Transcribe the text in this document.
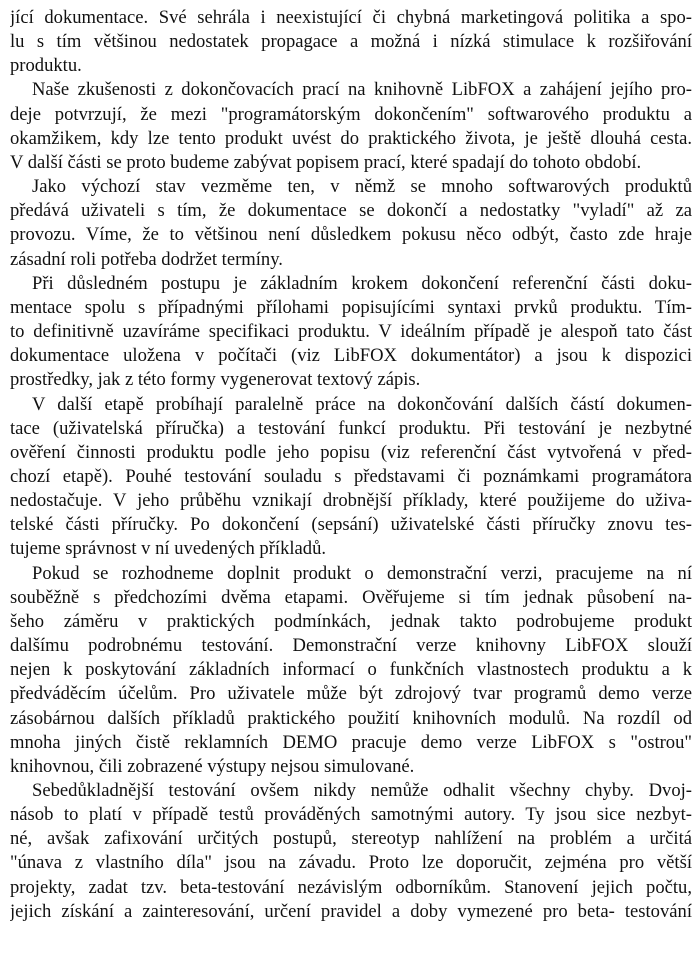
jící dokumentace. Své sehrála i neexistující či chybná marketingová politika a spo-
lu s tím většinou nedostatek propagace a možná i nízká stimulace k rozšiřování
produktu.

Naše zkušenosti z dokončovacích prací na knihovně LibFOX a zahájení jejího pro-
deje potvrzují, že mezi "programátorským dokončením" softwarového produktu a
okamžikem, kdy lze tento produkt uvést do praktického života, je ještě dlouhá cesta.
V další části se proto budeme zabývat popisem prací, které spadají do tohoto období.

Jako výchozí stav vezměme ten, v němž se mnoho softwarových produktů
předává uživateli s tím, že dokumentace se dokončí a nedostatky "vyladí" až za
provozu. Víme, že to většinou není důsledkem pokusu něco odbýt, často zde hraje
zásadní roli potřeba dodržet termíny.

Při důsledném postupu je základním krokem dokončení referenční části doku-
mentace spolu s případnými přílohami popisujícími syntaxi prvků produktu. Tím-
to definitivně uzavíráme specifikaci produktu. V ideálním případě je alespoň tato část
dokumentace uložena v počítači (viz LibFOX dokumentátor) a jsou k dispozici
prostředky, jak z této formy vygenerovat textový zápis.

V další etapě probíhají paralelně práce na dokončování dalších částí dokumen-
tace (uživatelská příručka) a testování funkcí produktu. Při testování je nezbytné
ověření činnosti produktu podle jeho popisu (viz referenční část vytvořená v před-
chozí etapě). Pouhé testování souladu s představami či poznámkami programátora
nedostačuje. V jeho průběhu vznikají drobnější příklady, které použijeme do uživa-
telské části příručky. Po dokončení (sepsání) uživatelské části příručky znovu tes-
tujeme správnost v ní uvedených příkladů.

Pokud se rozhodneme doplnit produkt o demonstrační verzi, pracujeme na ní
souběžně s předchozími dvěma etapami. Ověřujeme si tím jednak působení na-
šeho záměru v praktických podmínkách, jednak takto podrobujeme produkt
dalšímu podrobnému testování. Demonstrační verze knihovny LibFOX slouží
nejen k poskytování základních informací o funkčních vlastnostech produktu a k
předváděcím účelům. Pro uživatele může být zdrojový tvar programů demo verze
zásobárnou dalších příkladů praktického použití knihovních modulů. Na rozdíl od
mnoha jiných čistě reklamních DEMO pracuje demo verze LibFOX s "ostrou"
knihovnou, čili zobrazené výstupy nejsou simulované.

Sebedůkladnější testování ovšem nikdy nemůže odhalit všechny chyby. Dvoj-
násob to platí v případě testů prováděných samotnými autory. Ty jsou sice nezbyt-
né, avšak zafixování určitých postupů, stereotyp nahlížení na problém a určitá
"únava z vlastního díla" jsou na závadu. Proto lze doporučit, zejména pro větší
projekty, zadat tzv. beta-testování nezávislým odborníkům. Stanovení jejich počtu,
jejich získání a zainteresování, určení pravidel a doby vymezené pro beta- testování
